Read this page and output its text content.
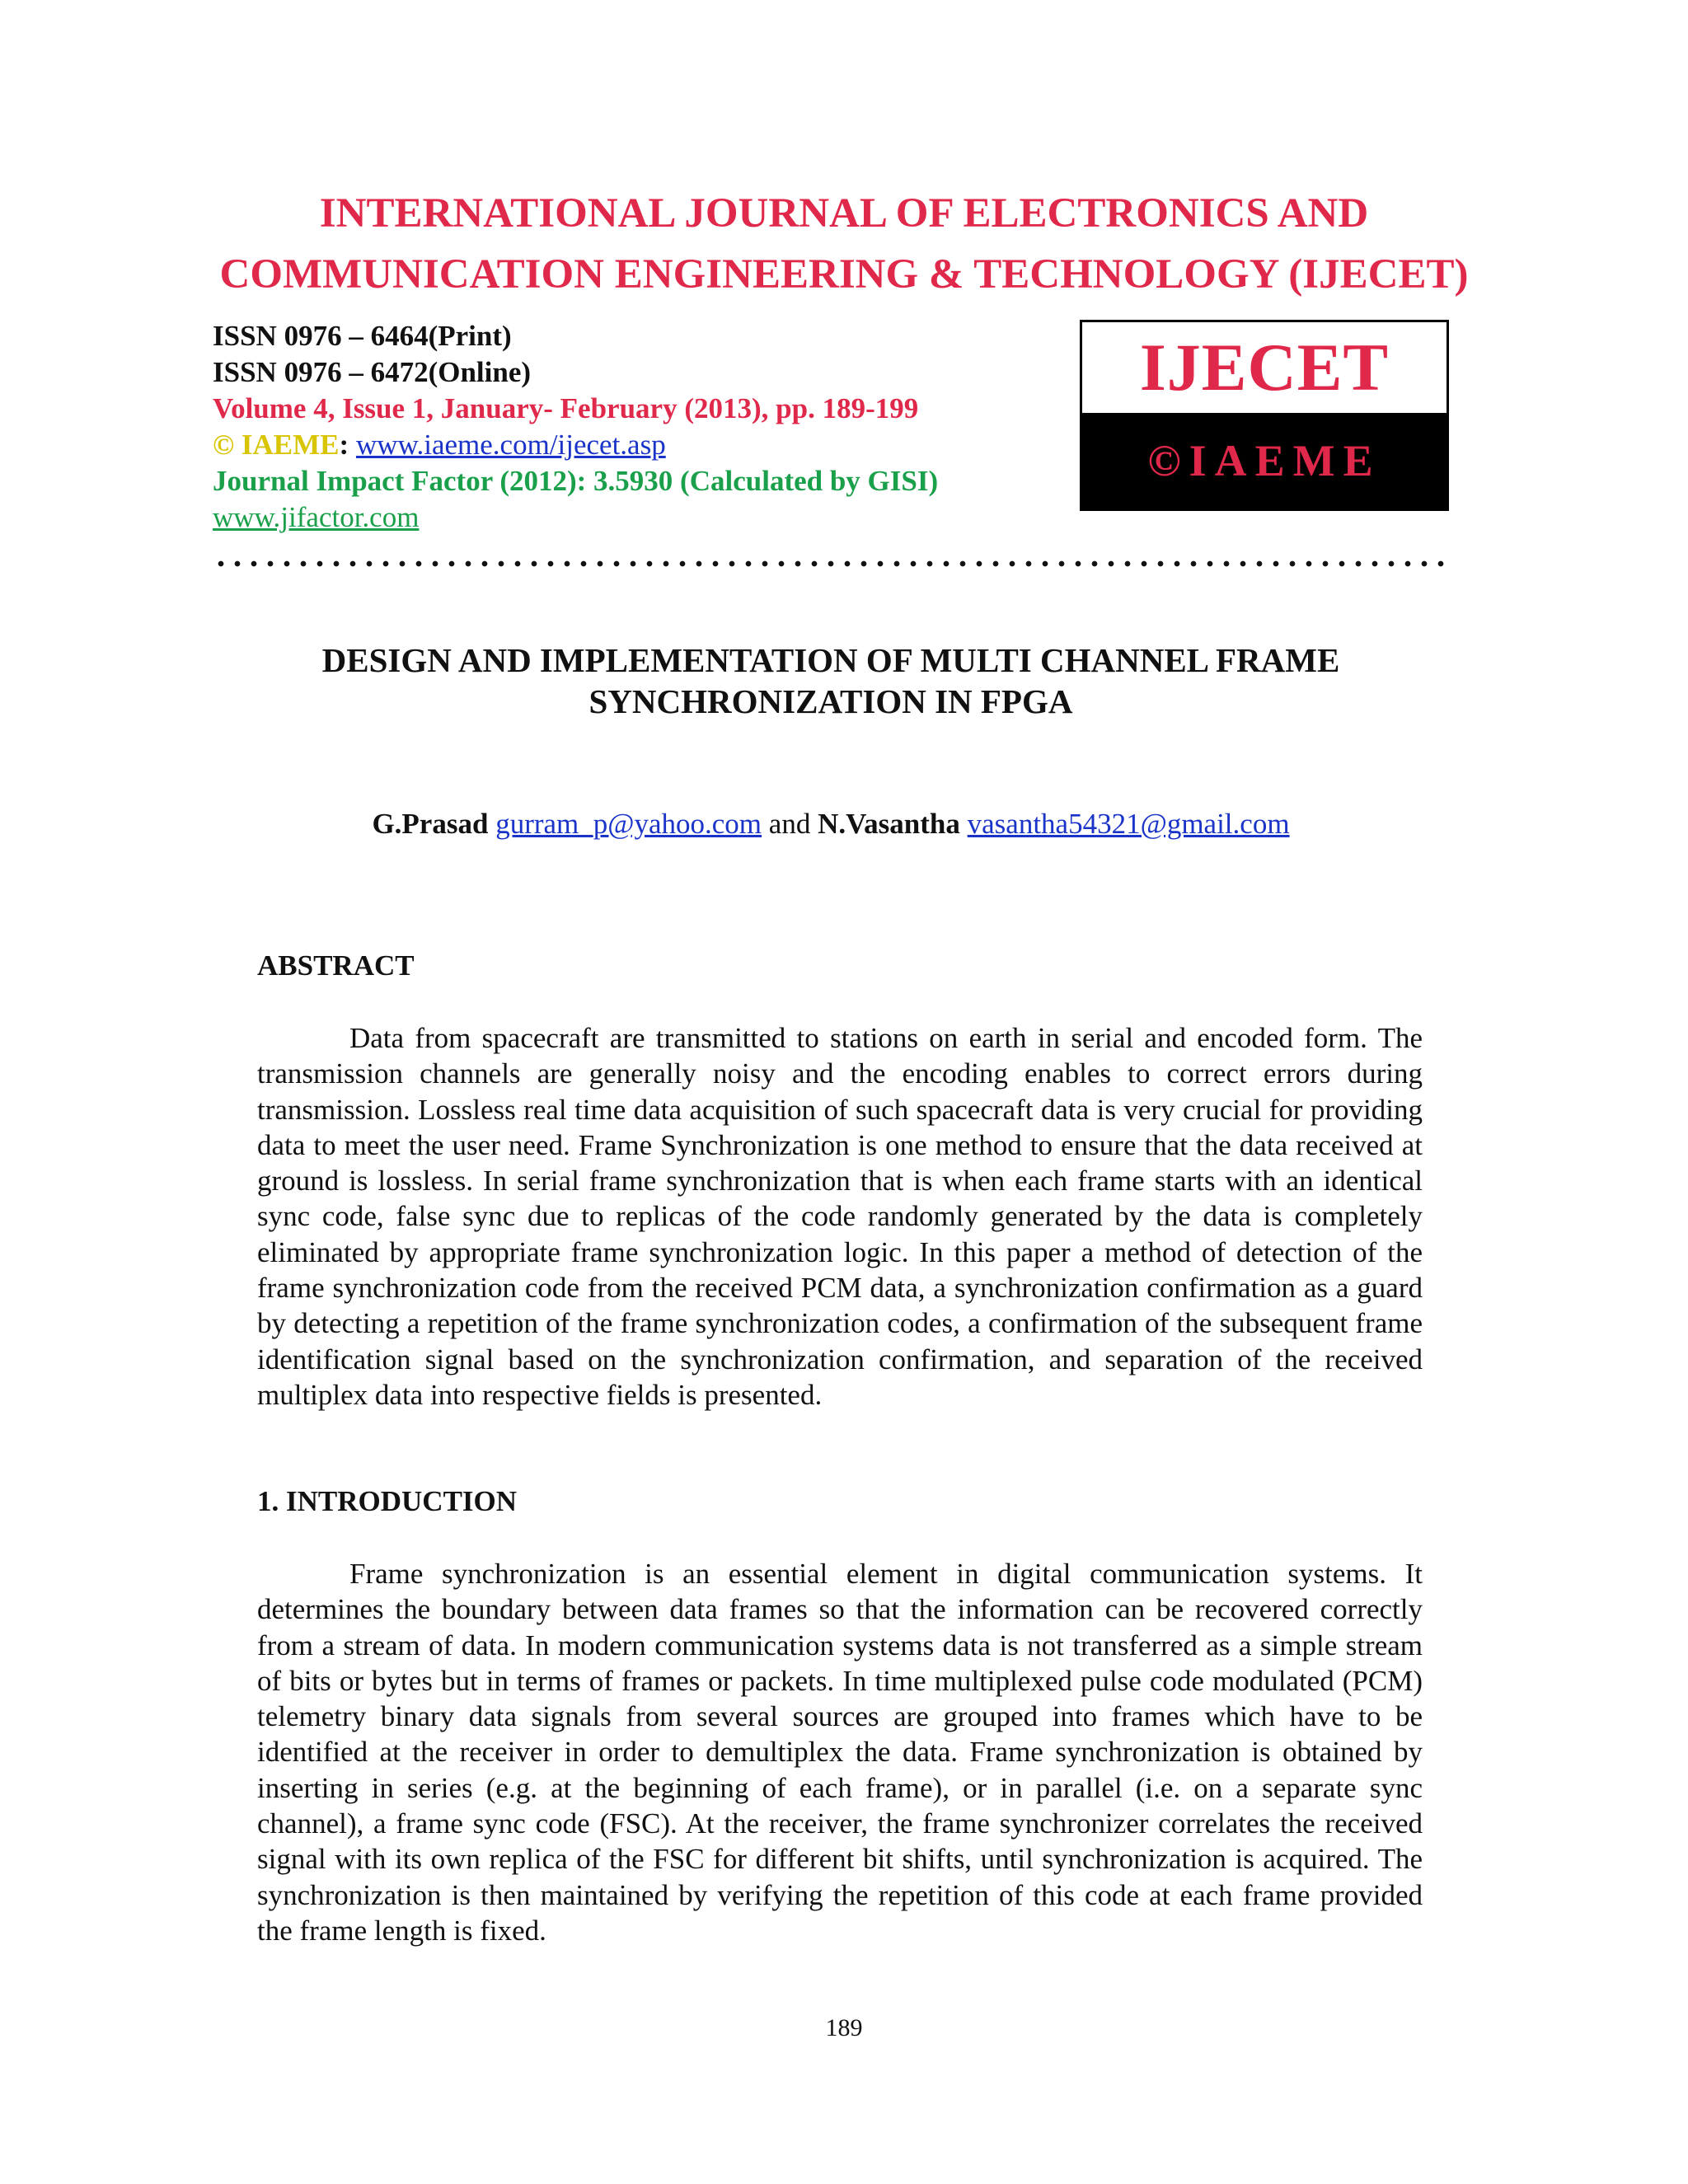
INTERNATIONAL JOURNAL OF ELECTRONICS AND
COMMUNICATION ENGINEERING & TECHNOLOGY (IJECET)
ISSN 0976 – 6464(Print)
ISSN 0976 – 6472(Online)
Volume 4, Issue 1, January- February (2013), pp. 189-199
© IAEME: www.iaeme.com/ijecet.asp
Journal Impact Factor (2012): 3.5930 (Calculated by GISI)
www.jifactor.com
IJECET
©IAEME
DESIGN AND IMPLEMENTATION OF MULTI CHANNEL FRAME
SYNCHRONIZATION IN FPGA
G.Prasad gurram_p@yahoo.com and N.Vasantha vasantha54321@gmail.com
ABSTRACT

Data from spacecraft are transmitted to stations on earth in serial and encoded form. The transmission channels are generally noisy and the encoding enables to correct errors during transmission. Lossless real time data acquisition of such spacecraft data is very crucial for providing data to meet the user need. Frame Synchronization is one method to ensure that the data received at ground is lossless. In serial frame synchronization that is when each frame starts with an identical sync code, false sync due to replicas of the code randomly generated by the data is completely eliminated by appropriate frame synchronization logic. In this paper a method of detection of the frame synchronization code from the received PCM data, a synchronization confirmation as a guard by detecting a repetition of the frame synchronization codes, a confirmation of the subsequent frame identification signal based on the synchronization confirmation, and separation of the received multiplex data into respective fields is presented.

1. INTRODUCTION

Frame synchronization is an essential element in digital communication systems. It determines the boundary between data frames so that the information can be recovered correctly from a stream of data. In modern communication systems data is not transferred as a simple stream of bits or bytes but in terms of frames or packets. In time multiplexed pulse code modulated (PCM) telemetry binary data signals from several sources are grouped into frames which have to be identified at the receiver in order to demultiplex the data. Frame synchronization is obtained by inserting in series (e.g. at the beginning of each frame), or in parallel (i.e. on a separate sync channel), a frame sync code (FSC). At the receiver, the frame synchronizer correlates the received signal with its own replica of the FSC for different bit shifts, until synchronization is acquired. The synchronization is then maintained by verifying the repetition of this code at each frame provided the frame length is fixed.

189
